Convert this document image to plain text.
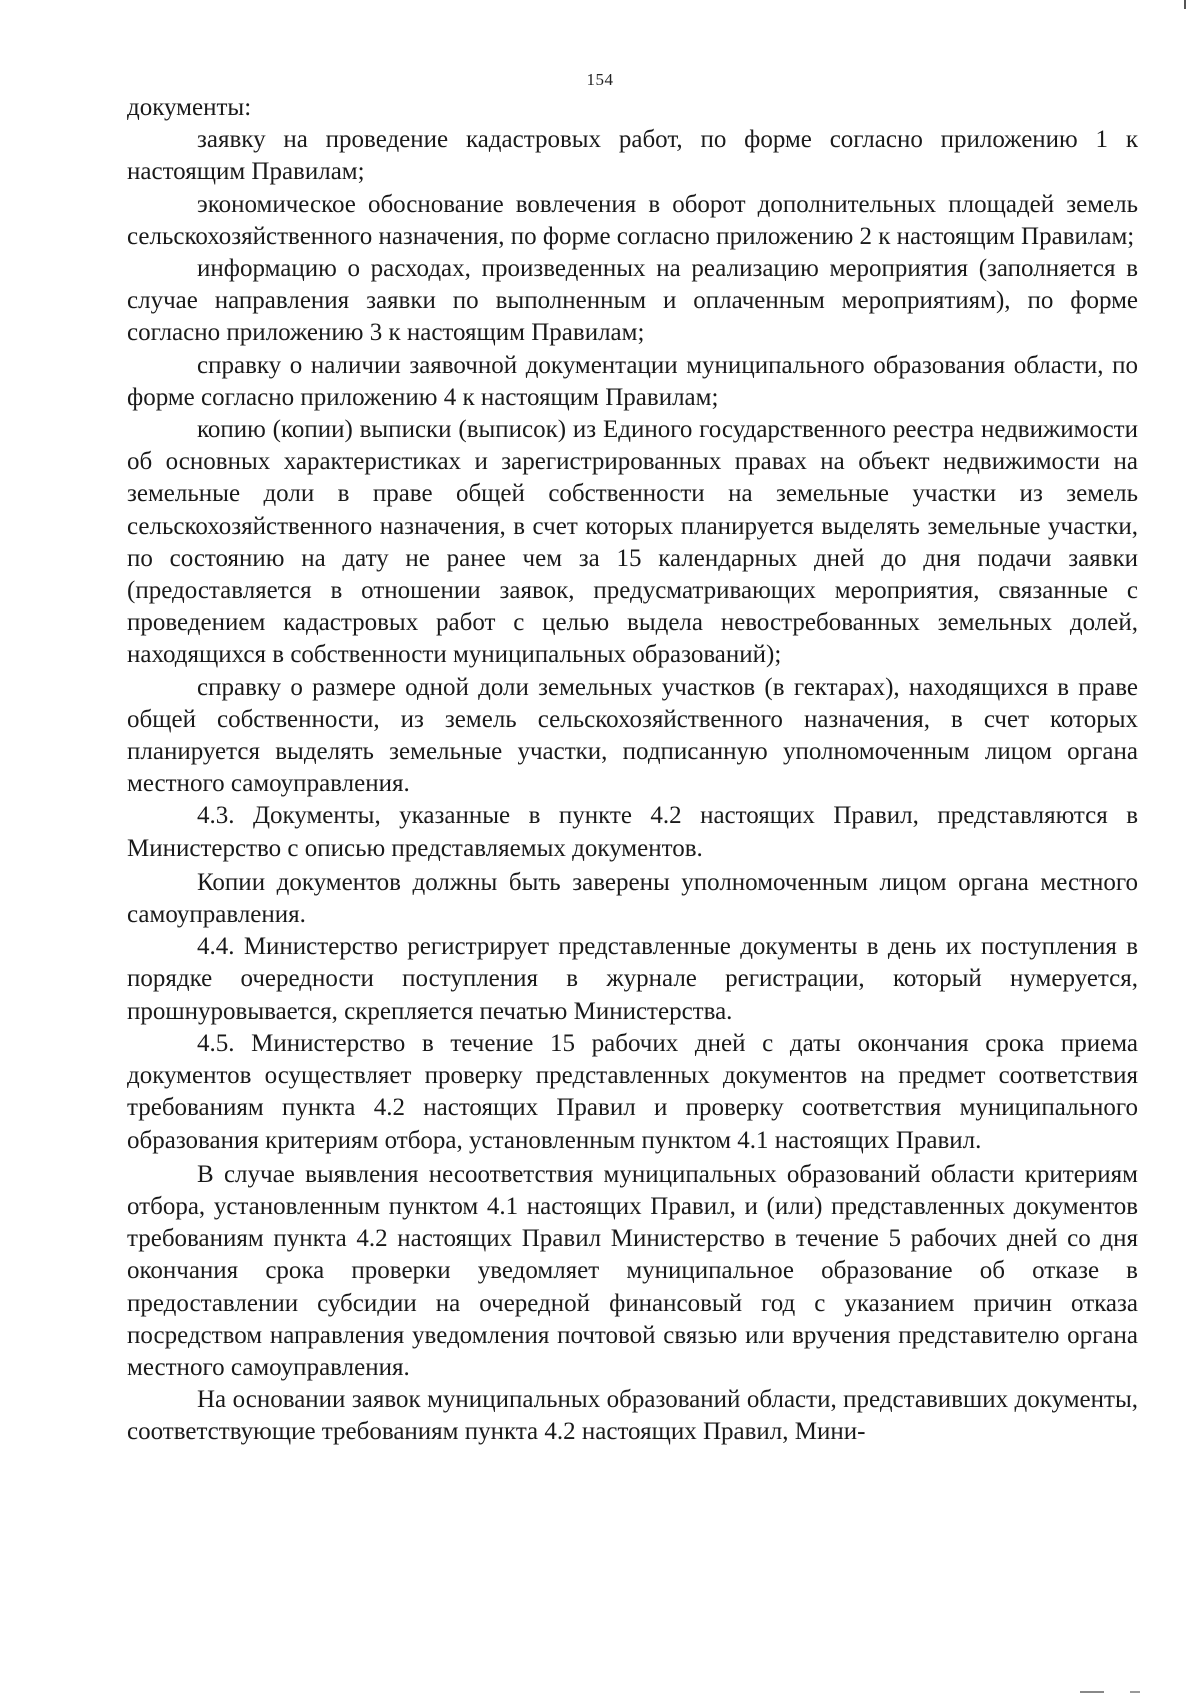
154

документы:

заявку на проведение кадастровых работ, по форме согласно приложению 1 к настоящим Правилам;

экономическое обоснование вовлечения в оборот дополнительных площадей земель сельскохозяйственного назначения, по форме согласно приложению 2 к настоящим Правилам;

информацию о расходах, произведенных на реализацию мероприятия (заполняется в случае направления заявки по выполненным и оплаченным мероприятиям), по форме согласно приложению 3 к настоящим Правилам;

справку о наличии заявочной документации муниципального образования области, по форме согласно приложению 4 к настоящим Правилам;

копию (копии) выписки (выписок) из Единого государственного реестра недвижимости об основных характеристиках и зарегистрированных правах на объект недвижимости на земельные доли в праве общей собственности на земельные участки из земель сельскохозяйственного назначения, в счет которых планируется выделять земельные участки, по состоянию на дату не ранее чем за 15 календарных дней до дня подачи заявки (предоставляется в отношении заявок, предусматривающих мероприятия, связанные с проведением кадастровых работ с целью выдела невостребованных земельных долей, находящихся в собственности муниципальных образований);

справку о размере одной доли земельных участков (в гектарах), находящихся в праве общей собственности, из земель сельскохозяйственного назначения, в счет которых планируется выделять земельные участки, подписанную уполномоченным лицом органа местного самоуправления.

4.3. Документы, указанные в пункте 4.2 настоящих Правил, представляются в Министерство с описью представляемых документов.

Копии документов должны быть заверены уполномоченным лицом органа местного самоуправления.

4.4. Министерство регистрирует представленные документы в день их поступления в порядке очередности поступления в журнале регистрации, который нумеруется, прошнуровывается, скрепляется печатью Министерства.

4.5. Министерство в течение 15 рабочих дней с даты окончания срока приема документов осуществляет проверку представленных документов на предмет соответствия требованиям пункта 4.2 настоящих Правил и проверку соответствия муниципального образования критериям отбора, установленным пунктом 4.1 настоящих Правил.

В случае выявления несоответствия муниципальных образований области критериям отбора, установленным пунктом 4.1 настоящих Правил, и (или) представленных документов требованиям пункта 4.2 настоящих Правил Министерство в течение 5 рабочих дней со дня окончания срока проверки уведомляет муниципальное образование об отказе в предоставлении субсидии на очередной финансовый год с указанием причин отказа посредством направления уведомления почтовой связью или вручения представителю органа местного самоуправления.

На основании заявок муниципальных образований области, представивших документы, соответствующие требованиям пункта 4.2 настоящих Правил, Мини-
